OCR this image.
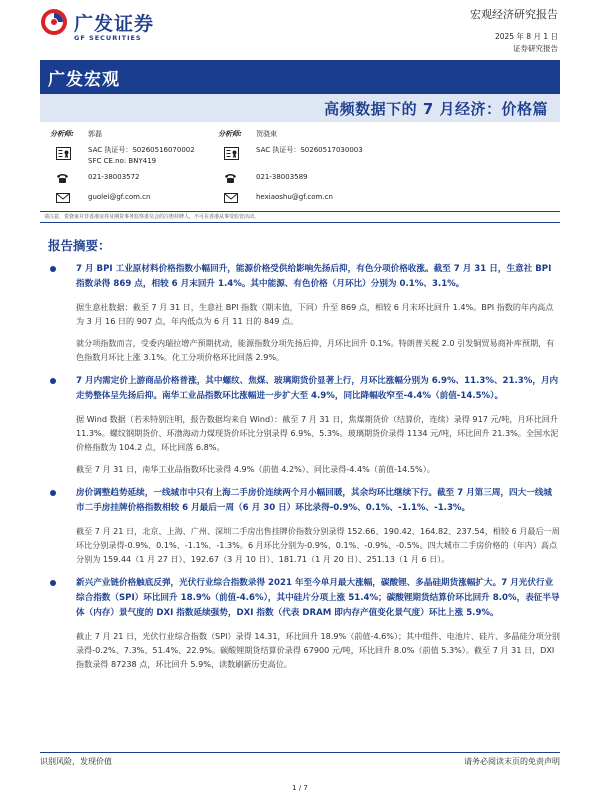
广发证券
GF SECURITIES
宏观经济研究报告
2025 年 8 月 1 日
证券研究报告
广发宏观
高频数据下的 7 月经济：价格篇
分析师: 郭磊
SAC 执证号：S0260516070002
SFC CE.no: BNY419
021-38003572
guolei@gf.com.cn
分析师: 贺骁束
SAC 执证号：S0260517030003
021-38003589
hexiaoshu@gf.com.cn
请注意，贺骁束并非香港证券及期货事务监察委员会的注册持牌人，不可在香港从事受监管活动。
报告摘要：
7 月 BPI 工业原材料价格指数小幅回升，能源价格受供给影响先扬后抑，有色分项价格收涨。截至 7 月 31 日，生意社 BPI 指数录得 869 点，相较 6 月末回升 1.4%。其中能源、有色价格（月环比）分别为 0.1%、3.1%。
据生意社数据：截至 7 月 31 日，生意社 BPI 指数（期末值，下同）升至 869 点，相较 6 月末环比回升 1.4%。BPI 指数的年内高点为 3 月 16 日的 907 点，年内低点为 6 月 11 日的 849 点。
就分项指数而言，受委内瑞拉增产预期扰动，能源指数分项先扬后抑，月环比回升 0.1%。特朗普关税 2.0 引发铜贸易商补库预期，有色指数月环比上涨 3.1%。化工分项价格环比回落 2.9%。
7 月内需定价上游商品价格普涨，其中螺纹、焦煤、玻璃期货价显著上行，月环比涨幅分别为 6.9%、11.3%、21.3%，月内走势整体呈先扬后抑。南华工业品指数环比涨幅进一步扩大至 4.9%，同比降幅收窄至-4.4%（前值-14.5%）。
据 Wind 数据（若未特别注明，报告数据均来自 Wind）：截至 7 月 31 日，焦煤期货价（结算价，连续）录得 917 元/吨，月环比回升 11.3%。螺纹钢期货价、环渤海动力煤现货价环比分别录得 6.9%、5.3%。玻璃期货价录得 1134 元/吨，环比回升 21.3%。全国水泥价格指数为 104.2 点，环比回落 6.8%。
截至 7 月 31 日，南华工业品指数环比录得 4.9%（前值 4.2%）、同比录得-4.4%（前值-14.5%）。
房价调整趋势延续，一线城市中只有上海二手房价连续两个月小幅回暖，其余均环比继续下行。截至 7 月第三周，四大一线城市二手房挂牌价格指数相较 6 月最后一周（6 月 30 日）环比录得-0.9%、0.1%、-1.1%、-1.3%。
截至 7 月 21 日，北京、上海、广州、深圳二手房出售挂牌价指数分别录得 152.66、190.42、164.82、237.54，相较 6 月最后一周环比分别录得-0.9%、0.1%、-1.1%、-1.3%。6 月环比分别为-0.9%、0.1%、-0.9%、-0.5%。四大城市二手房价格的（年内）高点分别为 159.44（1 月 27 日）、192.67（3 月 10 日）、181.71（1 月 20 日）、251.13（1 月 6 日）。
新兴产业链价格触底反弹，光伏行业综合指数录得 2021 年至今单月最大涨幅，碳酸锂、多晶硅期货涨幅扩大。7 月光伏行业综合指数（SPI）环比回升 18.9%（前值-4.6%），其中硅片分项上涨 51.4%；碳酸锂期货结算价环比回升 8.0%，表征半导体（内存）景气度的 DXI 指数延续强势，DXI 指数（代表 DRAM 即内存产值变化景气度）环比上涨 5.9%。
截止 7 月 21 日，光伏行业综合指数（SPI）录得 14.31，环比回升 18.9%（前值-4.6%）；其中组件、电池片、硅片、多晶硅分项分别录得-0.2%、7.3%、51.4%、22.9%。碳酸锂期货结算价录得 67900 元/吨，环比回升 8.0%（前值 5.3%）。截至 7 月 31 日，DXI 指数录得 87238 点，环比回升 5.9%，读数刷新历史高位。
识别风险，发现价值	请务必阅读末页的免责声明
1 / 7
